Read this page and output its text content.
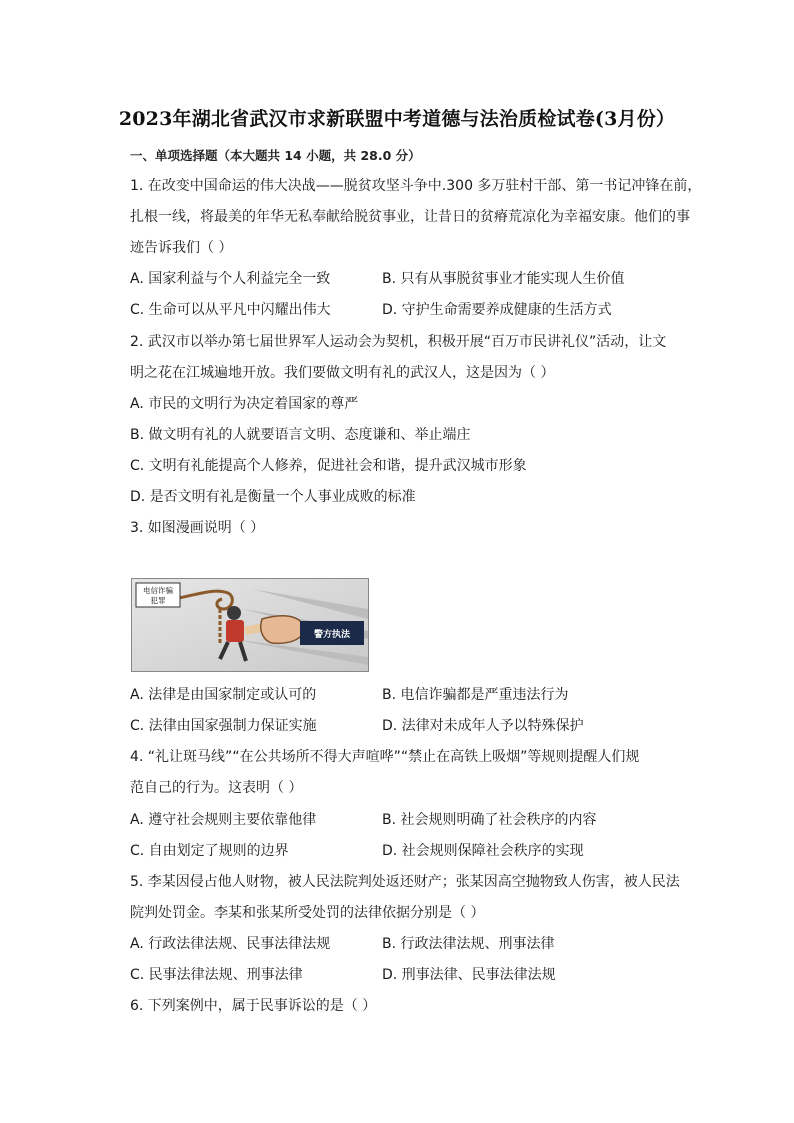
2023年湖北省武汉市求新联盟中考道德与法治质检试卷(3月份）
一、单项选择题（本大题共 14 小题，共 28.0 分）
1. 在改变中国命运的伟大决战——脱贫攻坚斗争中.300 多万驻村干部、第一书记冲锋在前，
扎根一线，将最美的年华无私奉献给脱贫事业，让昔日的贫瘠荒凉化为幸福安康。他们的事
迹告诉我们（ ）
A. 国家利益与个人利益完全一致	B. 只有从事脱贫事业才能实现人生价值
C. 生命可以从平凡中闪耀出伟大	D. 守护生命需要养成健康的生活方式
2. 武汉市以举办第七届世界军人运动会为契机，积极开展“百万市民讲礼仪”活动，让文
明之花在江城遍地开放。我们要做文明有礼的武汉人，这是因为（ ）
A. 市民的文明行为决定着国家的尊严
B. 做文明有礼的人就要语言文明、态度谦和、举止端庄
C. 文明有礼能提高个人修养，促进社会和谐，提升武汉城市形象
D. 是否文明有礼是衡量一个人事业成败的标准
3. 如图漫画说明（ ）
电信诈骗
犯罪
警方执法
A. 法律是由国家制定或认可的	B. 电信诈骗都是严重违法行为
C. 法律由国家强制力保证实施	D. 法律对未成年人予以特殊保护
4. “礼让斑马线”“在公共场所不得大声喧哗”“禁止在高铁上吸烟”等规则提醒人们规
范自己的行为。这表明（ ）
A. 遵守社会规则主要依靠他律	B. 社会规则明确了社会秩序的内容
C. 自由划定了规则的边界	D. 社会规则保障社会秩序的实现
5. 李某因侵占他人财物，被人民法院判处返还财产；张某因高空抛物致人伤害，被人民法
院判处罚金。李某和张某所受处罚的法律依据分别是（ ）
A. 行政法律法规、民事法律法规	B. 行政法律法规、刑事法律
C. 民事法律法规、刑事法律	D. 刑事法律、民事法律法规
6. 下列案例中，属于民事诉讼的是（ ）
